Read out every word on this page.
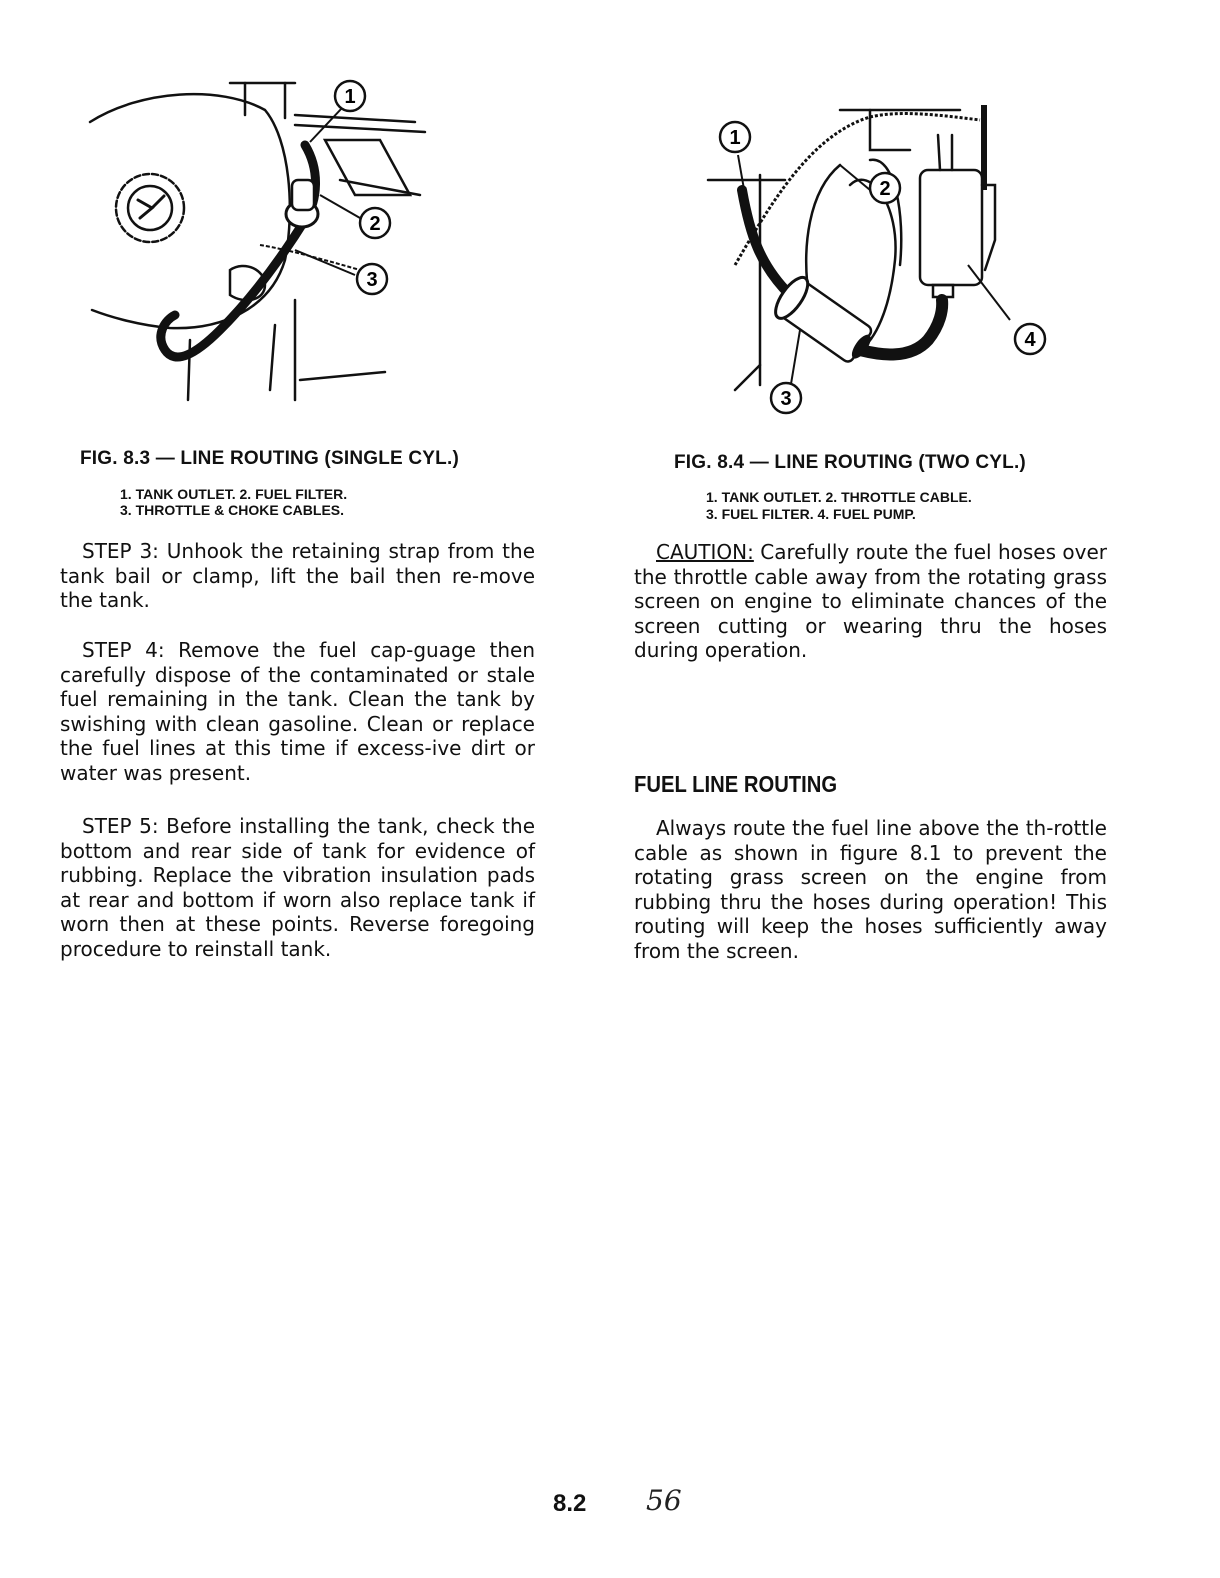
1
2
3
FIG. 8.3 — LINE ROUTING (SINGLE CYL.)
1. TANK OUTLET. 2. FUEL FILTER.
3. THROTTLE & CHOKE CABLES.
1
2
3
4
FIG. 8.4 — LINE ROUTING (TWO CYL.)
1. TANK OUTLET. 2. THROTTLE CABLE.
3. FUEL FILTER. 4. FUEL PUMP.

STEP 3: Unhook the retaining strap from the tank bail or clamp, lift the bail then re-move the tank.

STEP 4: Remove the fuel cap-guage then carefully dispose of the contaminated or stale fuel remaining in the tank. Clean the tank by swishing with clean gasoline. Clean or replace the fuel lines at this time if excess-ive dirt or water was present.

STEP 5: Before installing the tank, check the bottom and rear side of tank for evidence of rubbing. Replace the vibration insulation pads at rear and bottom if worn also replace tank if worn then at these points. Reverse foregoing procedure to reinstall tank.

CAUTION: Carefully route the fuel hoses over the throttle cable away from the rotating grass screen on engine to eliminate chances of the screen cutting or wearing thru the hoses during operation.

FUEL LINE ROUTING

Always route the fuel line above the th-rottle cable as shown in figure 8.1 to prevent the rotating grass screen on the engine from rubbing thru the hoses during operation! This routing will keep the hoses sufficiently away from the screen.

8.2 56
